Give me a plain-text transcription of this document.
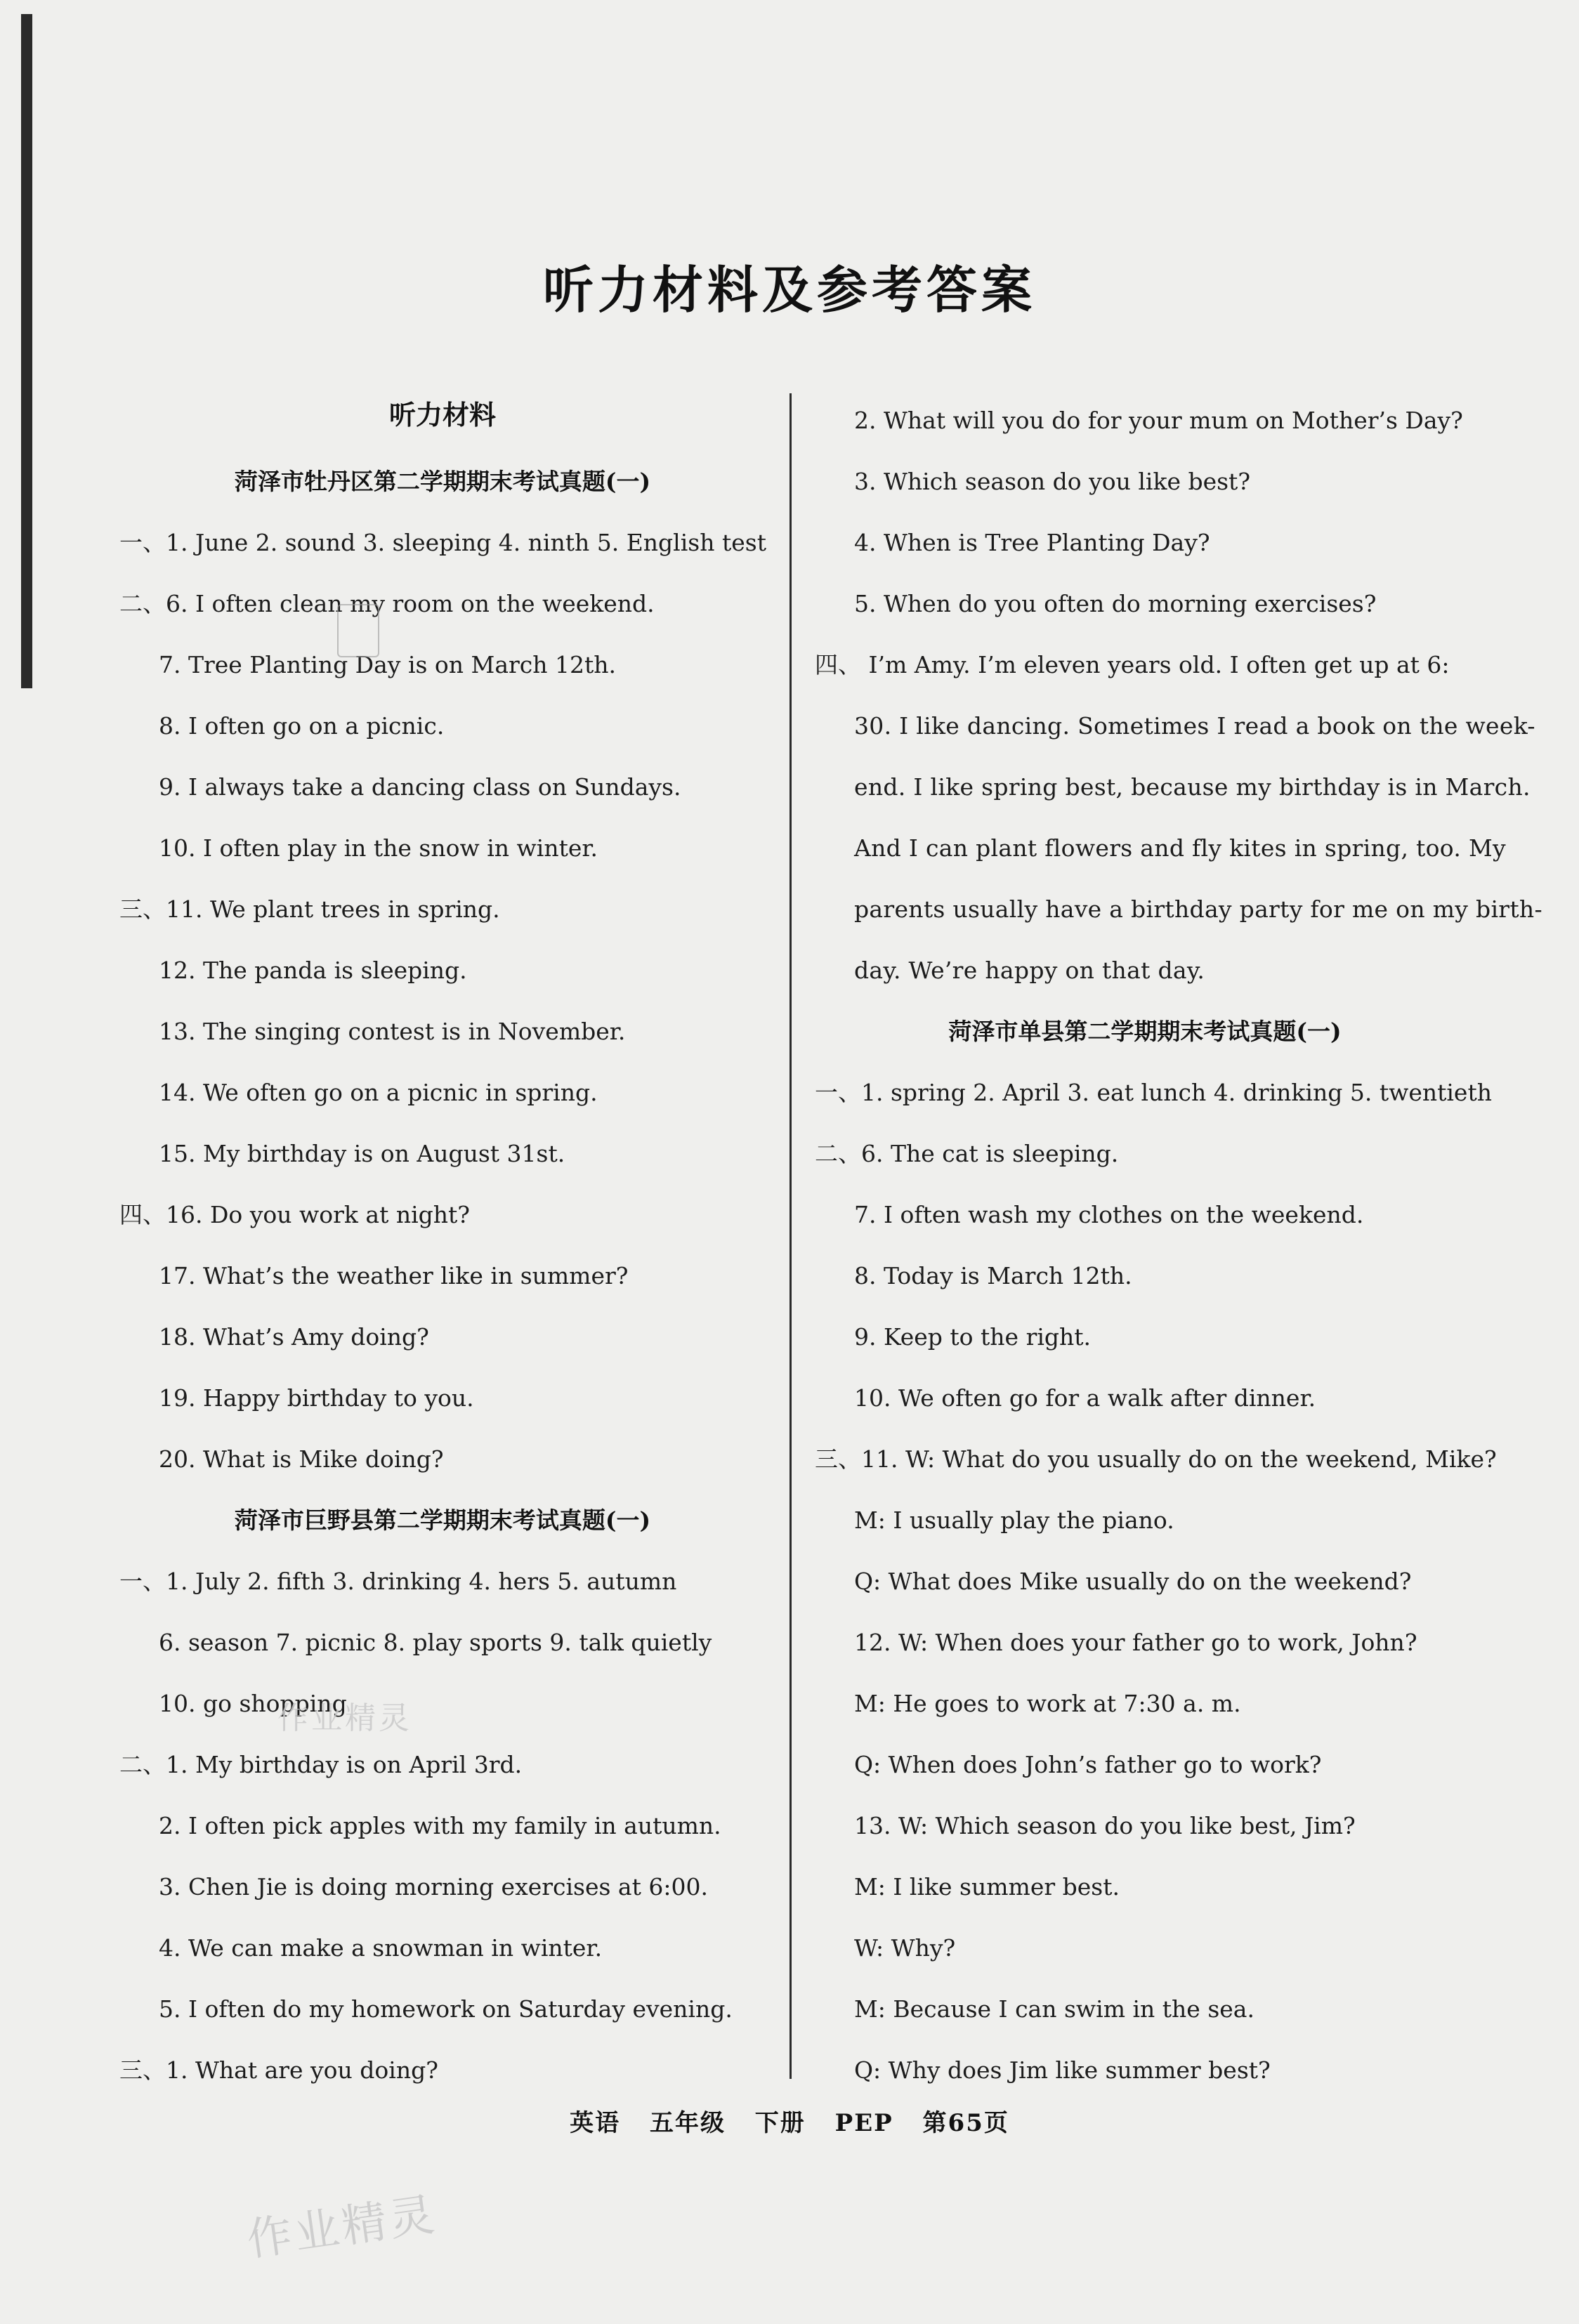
听力材料及参考答案
听力材料
菏泽市牡丹区第二学期期末考试真题(一)
一、1. June 2. sound 3. sleeping 4. ninth 5. English test
二、6. I often clean my room on the weekend.
7. Tree Planting Day is on March 12th.
8. I often go on a picnic.
9. I always take a dancing class on Sundays.
10. I often play in the snow in winter.
三、11. We plant trees in spring.
12. The panda is sleeping.
13. The singing contest is in November.
14. We often go on a picnic in spring.
15. My birthday is on August 31st.
四、16. Do you work at night?
17. What’s the weather like in summer?
18. What’s Amy doing?
19. Happy birthday to you.
20. What is Mike doing?
菏泽市巨野县第二学期期末考试真题(一)
一、1. July 2. fifth 3. drinking 4. hers 5. autumn
6. season 7. picnic 8. play sports 9. talk quietly
10. go shopping
二、1. My birthday is on April 3rd.
2. I often pick apples with my family in autumn.
3. Chen Jie is doing morning exercises at 6:00.
4. We can make a snowman in winter.
5. I often do my homework on Saturday evening.
三、1. What are you doing?
2. What will you do for your mum on Mother’s Day?
3. Which season do you like best?
4. When is Tree Planting Day?
5. When do you often do morning exercises?
四、 I’m Amy. I’m eleven years old. I often get up at 6:
30. I like dancing. Sometimes I read a book on the week-
end. I like spring best, because my birthday is in March.
And I can plant flowers and fly kites in spring, too. My
parents usually have a birthday party for me on my birth-
day. We’re happy on that day.
菏泽市单县第二学期期末考试真题(一)
一、1. spring 2. April 3. eat lunch 4. drinking 5. twentieth
二、6. The cat is sleeping.
7. I often wash my clothes on the weekend.
8. Today is March 12th.
9. Keep to the right.
10. We often go for a walk after dinner.
三、11. W: What do you usually do on the weekend, Mike?
M: I usually play the piano.
Q: What does Mike usually do on the weekend?
12. W: When does your father go to work, John?
M: He goes to work at 7:30 a. m.
Q: When does John’s father go to work?
13. W: Which season do you like best, Jim?
M: I like summer best.
W: Why?
M: Because I can swim in the sea.
Q: Why does Jim like summer best?
作业精灵
作业精灵
英语 五年级 下册 PEP 第65页
